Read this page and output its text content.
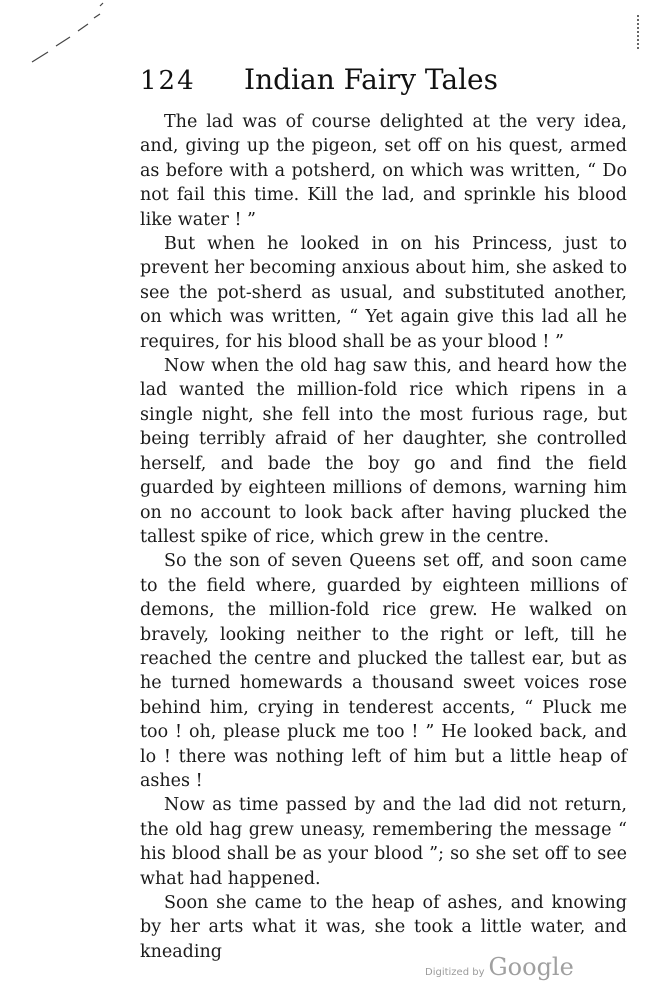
124 Indian Fairy Tales

The lad was of course delighted at the very idea, and, giving up the pigeon, set off on his quest, armed as before with a potsherd, on which was written, “ Do not fail this time. Kill the lad, and sprinkle his blood like water ! ”

But when he looked in on his Princess, just to prevent her becoming anxious about him, she asked to see the pot-sherd as usual, and substituted another, on which was written, “ Yet again give this lad all he requires, for his blood shall be as your blood ! ”

Now when the old hag saw this, and heard how the lad wanted the million-fold rice which ripens in a single night, she fell into the most furious rage, but being terribly afraid of her daughter, she controlled herself, and bade the boy go and find the field guarded by eighteen millions of demons, warning him on no account to look back after having plucked the tallest spike of rice, which grew in the centre.

So the son of seven Queens set off, and soon came to the field where, guarded by eighteen millions of demons, the million-fold rice grew. He walked on bravely, looking neither to the right or left, till he reached the centre and plucked the tallest ear, but as he turned homewards a thousand sweet voices rose behind him, crying in tenderest accents, “ Pluck me too ! oh, please pluck me too ! ” He looked back, and lo ! there was nothing left of him but a little heap of ashes !

Now as time passed by and the lad did not return, the old hag grew uneasy, remembering the message “ his blood shall be as your blood ”; so she set off to see what had happened.

Soon she came to the heap of ashes, and knowing by her arts what it was, she took a little water, and kneading

Digitized by Google
